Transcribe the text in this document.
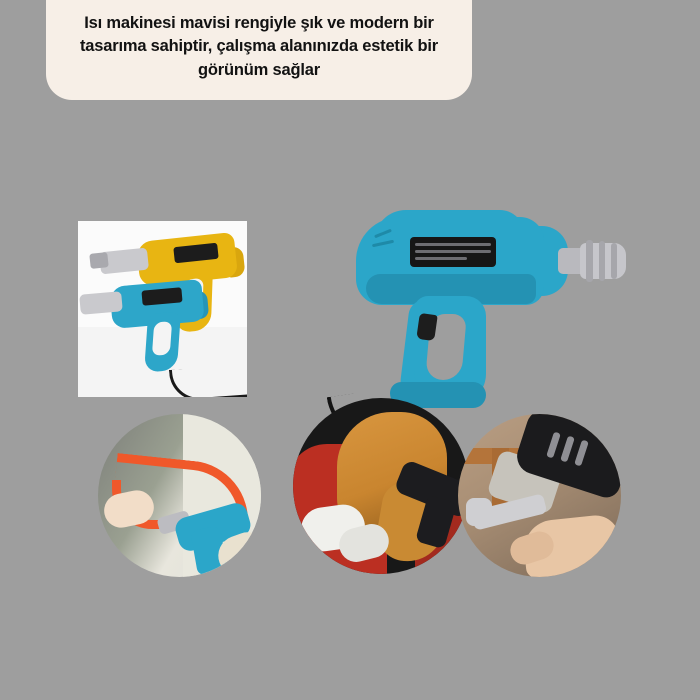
Isı makinesi mavisi rengiyle şık ve modern bir tasarıma sahiptir, çalışma alanınızda estetik bir görünüm sağlar
